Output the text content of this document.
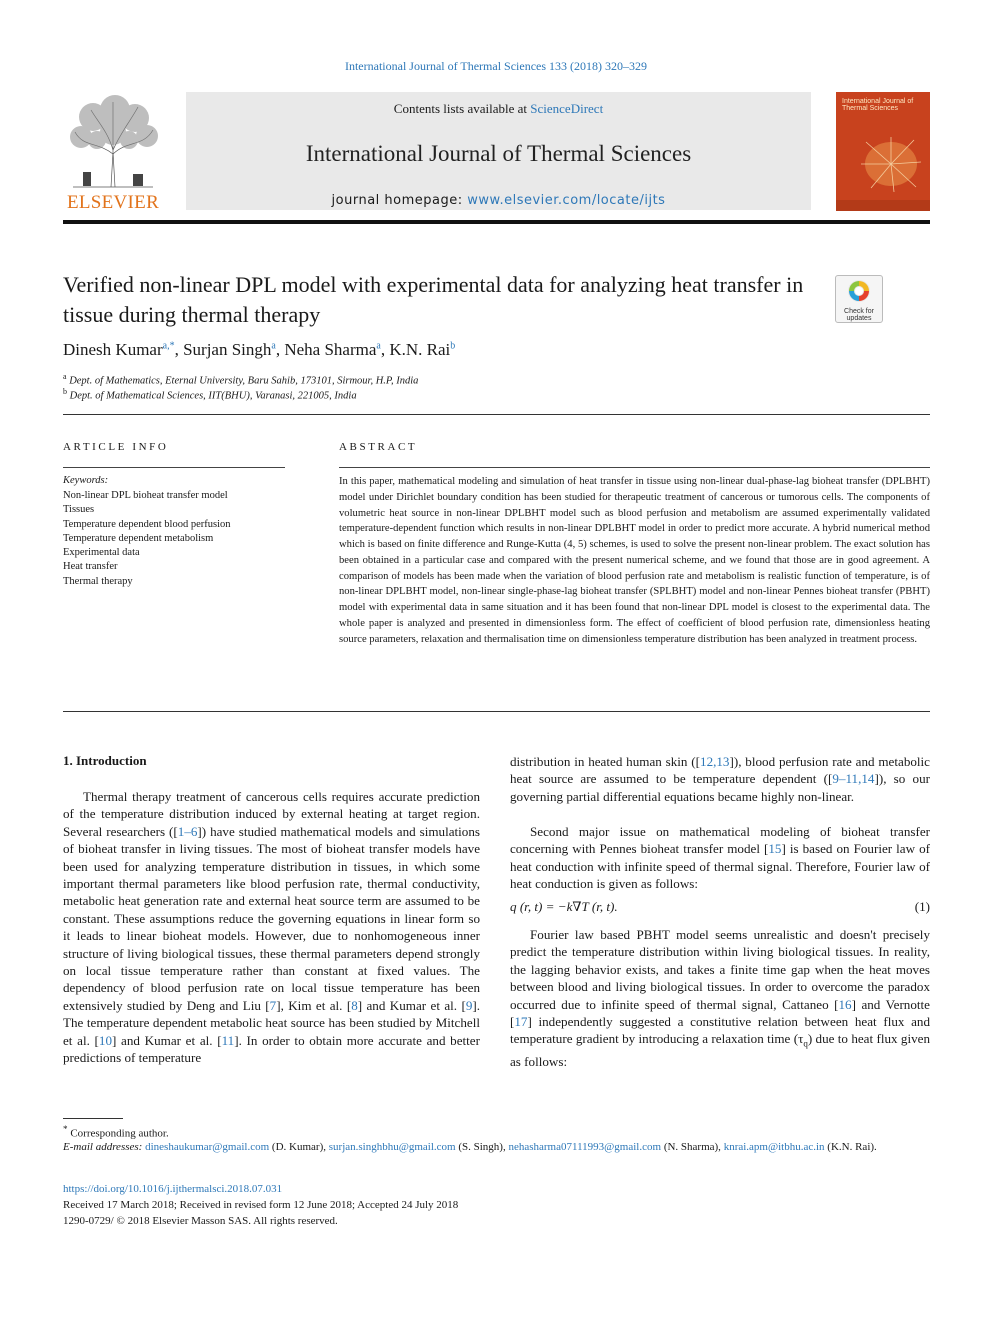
International Journal of Thermal Sciences 133 (2018) 320–329
ELSEVIER
Contents lists available at ScienceDirect
International Journal of Thermal Sciences
journal homepage: www.elsevier.com/locate/ijts
International Journal of Thermal Sciences
Verified non-linear DPL model with experimental data for analyzing heat transfer in tissue during thermal therapy	Check for
updates
Dinesh Kumar$^{a,*}$, Surjan Singh$^a$, Neha Sharma$^a$, K.N. Rai$^b$
$^a$ Dept. of Mathematics, Eternal University, Baru Sahib, 173101, Sirmour, H.P, India
$^b$ Dept. of Mathematical Sciences, IIT(BHU), Varanasi, 221005, India
ARTICLE INFO
Keywords:
Non-linear DPL bioheat transfer model
Tissues
Temperature dependent blood perfusion
Temperature dependent metabolism
Experimental data
Heat transfer
Thermal therapy
ABSTRACT

In this paper, mathematical modeling and simulation of heat transfer in tissue using non-linear dual-phase-lag bioheat transfer (DPLBHT) model under Dirichlet boundary condition has been studied for therapeutic treatment of cancerous or tumorous cells. The components of volumetric heat source in non-linear DPLBHT model such as blood perfusion and metabolism are assumed experimentally validated temperature-dependent function which results in non-linear DPLBHT model in order to predict more accurate. A hybrid numerical method which is based on finite difference and Runge-Kutta (4, 5) schemes, is used to solve the present non-linear problem. The exact solution has been obtained in a particular case and compared with the present numerical scheme, and we found that those are in good agreement. A comparison of models has been made when the variation of blood perfusion rate and metabolism is realistic function of temperature, is of non-linear DPLBHT model, non-linear single-phase-lag bioheat transfer (SPLBHT) model and non-linear Pennes bioheat transfer (PBHT) model with experimental data in same situation and it has been found that non-linear DPL model is closest to the experimental data. The whole paper is analyzed and presented in dimensionless form. The effect of coefficient of blood perfusion rate, dimensionless heating source parameters, relaxation and thermalisation time on dimensionless temperature distribution has been analyzed in treatment process.

1. Introduction

Thermal therapy treatment of cancerous cells requires accurate prediction of the temperature distribution induced by external heating at target region. Several researchers ([1–6]) have studied mathematical models and simulations of bioheat transfer in living tissues. The most of bioheat transfer models have been used for analyzing temperature distribution in tissues, in which some important thermal parameters like blood perfusion rate, thermal conductivity, metabolic heat generation rate and external heat source term are assumed to be constant. These assumptions reduce the governing equations in linear form so it leads to linear bioheat models. However, due to nonhomogeneous inner structure of living biological tissues, these thermal parameters depend strongly on local tissue temperature rather than constant at fixed values. The dependency of blood perfusion rate on local tissue temperature has been extensively studied by Deng and Liu [7], Kim et al. [8] and Kumar et al. [9]. The temperature dependent metabolic heat source has been studied by Mitchell et al. [10] and Kumar et al. [11]. In order to obtain more accurate and better predictions of temperature

distribution in heated human skin ([12,13]), blood perfusion rate and metabolic heat source are assumed to be temperature dependent ([9–11,14]), so our governing partial differential equations became highly non-linear.

Second major issue on mathematical modeling of bioheat transfer concerning with Pennes bioheat transfer model [15] is based on Fourier law of heat conduction with infinite speed of thermal signal. Therefore, Fourier law of heat conduction is given as follows:

q (r, t) = −k∇T (r, t).	(1)

Fourier law based PBHT model seems unrealistic and doesn't precisely predict the temperature distribution within living biological tissues. In reality, the lagging behavior exists, and takes a finite time gap when the heat moves between blood and living biological tissues. In order to overcome the paradox occurred due to infinite speed of thermal signal, Cattaneo [16] and Vernotte [17] independently suggested a constitutive relation between heat flux and temperature gradient by introducing a relaxation time $(\tau_q)$ due to heat flux given as follows:

* Corresponding author.

E-mail addresses: dineshaukumar@gmail.com (D. Kumar), surjan.singhbhu@gmail.com (S. Singh), nehasharma07111993@gmail.com (N. Sharma), knrai.apm@itbhu.ac.in (K.N. Rai).

https://doi.org/10.1016/j.ijthermalsci.2018.07.031
Received 17 March 2018; Received in revised form 12 June 2018; Accepted 24 July 2018
1290-0729/ © 2018 Elsevier Masson SAS. All rights reserved.
